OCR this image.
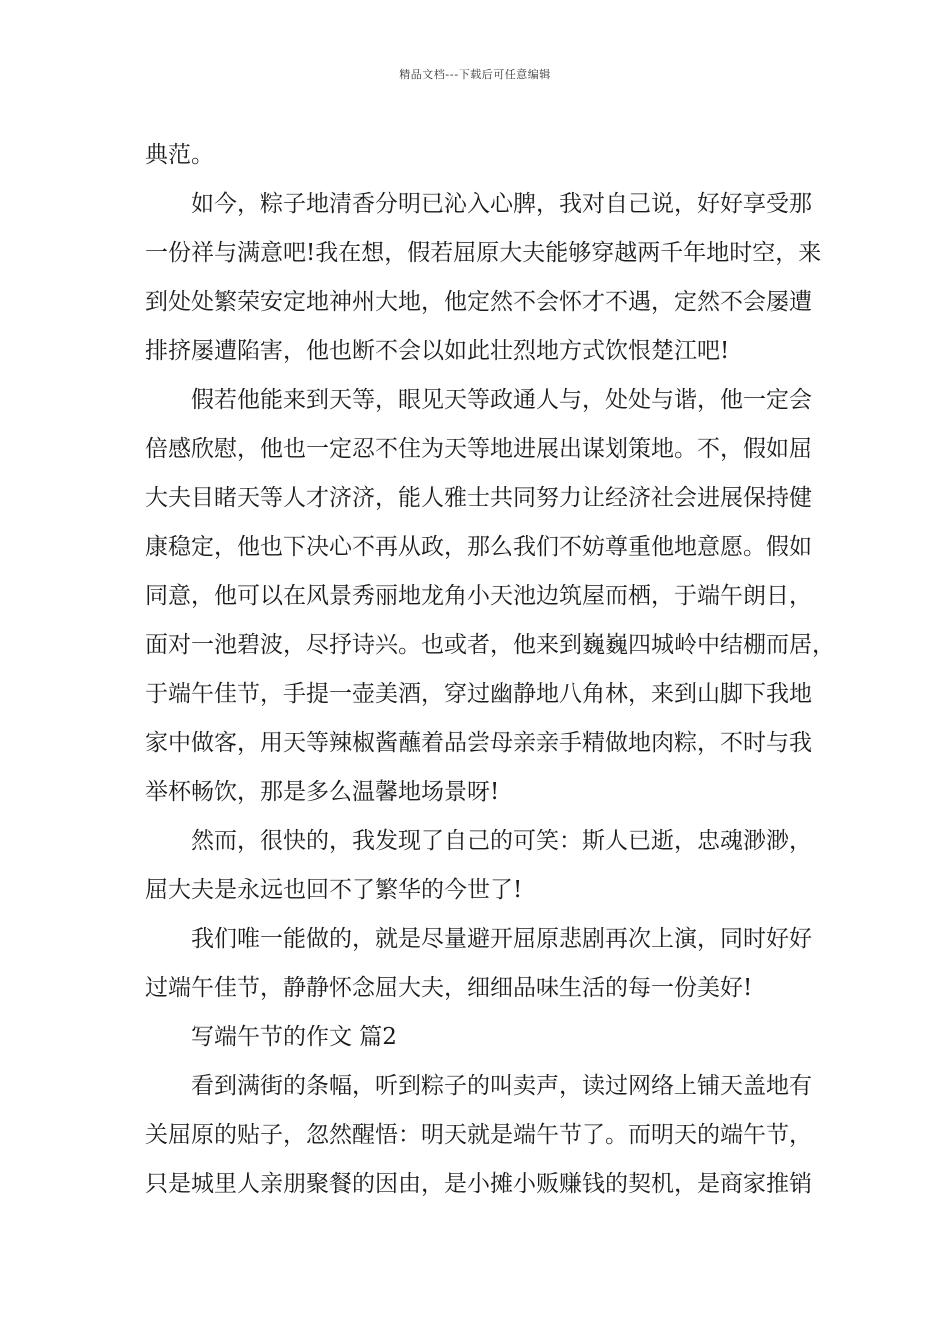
精品文档---下载后可任意编辑
典范。
如今，粽子地清香分明已沁入心脾，我对自己说，好好享受那
一份祥与满意吧!我在想，假若屈原大夫能够穿越两千年地时空，来
到处处繁荣安定地神州大地，他定然不会怀才不遇，定然不会屡遭
排挤屡遭陷害，他也断不会以如此壮烈地方式饮恨楚江吧!
假若他能来到天等，眼见天等政通人与，处处与谐，他一定会
倍感欣慰，他也一定忍不住为天等地进展出谋划策地。不，假如屈
大夫目睹天等人才济济，能人雅士共同努力让经济社会进展保持健
康稳定，他也下决心不再从政，那么我们不妨尊重他地意愿。假如
同意，他可以在风景秀丽地龙角小天池边筑屋而栖，于端午朗日，
面对一池碧波，尽抒诗兴。也或者，他来到巍巍四城岭中结棚而居，
于端午佳节，手提一壶美酒，穿过幽静地八角林，来到山脚下我地
家中做客，用天等辣椒酱蘸着品尝母亲亲手精做地肉粽，不时与我
举杯畅饮，那是多么温馨地场景呀!
然而，很快的，我发现了自己的可笑：斯人已逝，忠魂渺渺，
屈大夫是永远也回不了繁华的今世了!
我们唯一能做的，就是尽量避开屈原悲剧再次上演，同时好好
过端午佳节，静静怀念屈大夫，细细品味生活的每一份美好!
写端午节的作文 篇2
看到满街的条幅，听到粽子的叫卖声，读过网络上铺天盖地有
关屈原的贴子，忽然醒悟：明天就是端午节了。而明天的端午节，
只是城里人亲朋聚餐的因由，是小摊小贩赚钱的契机，是商家推销
